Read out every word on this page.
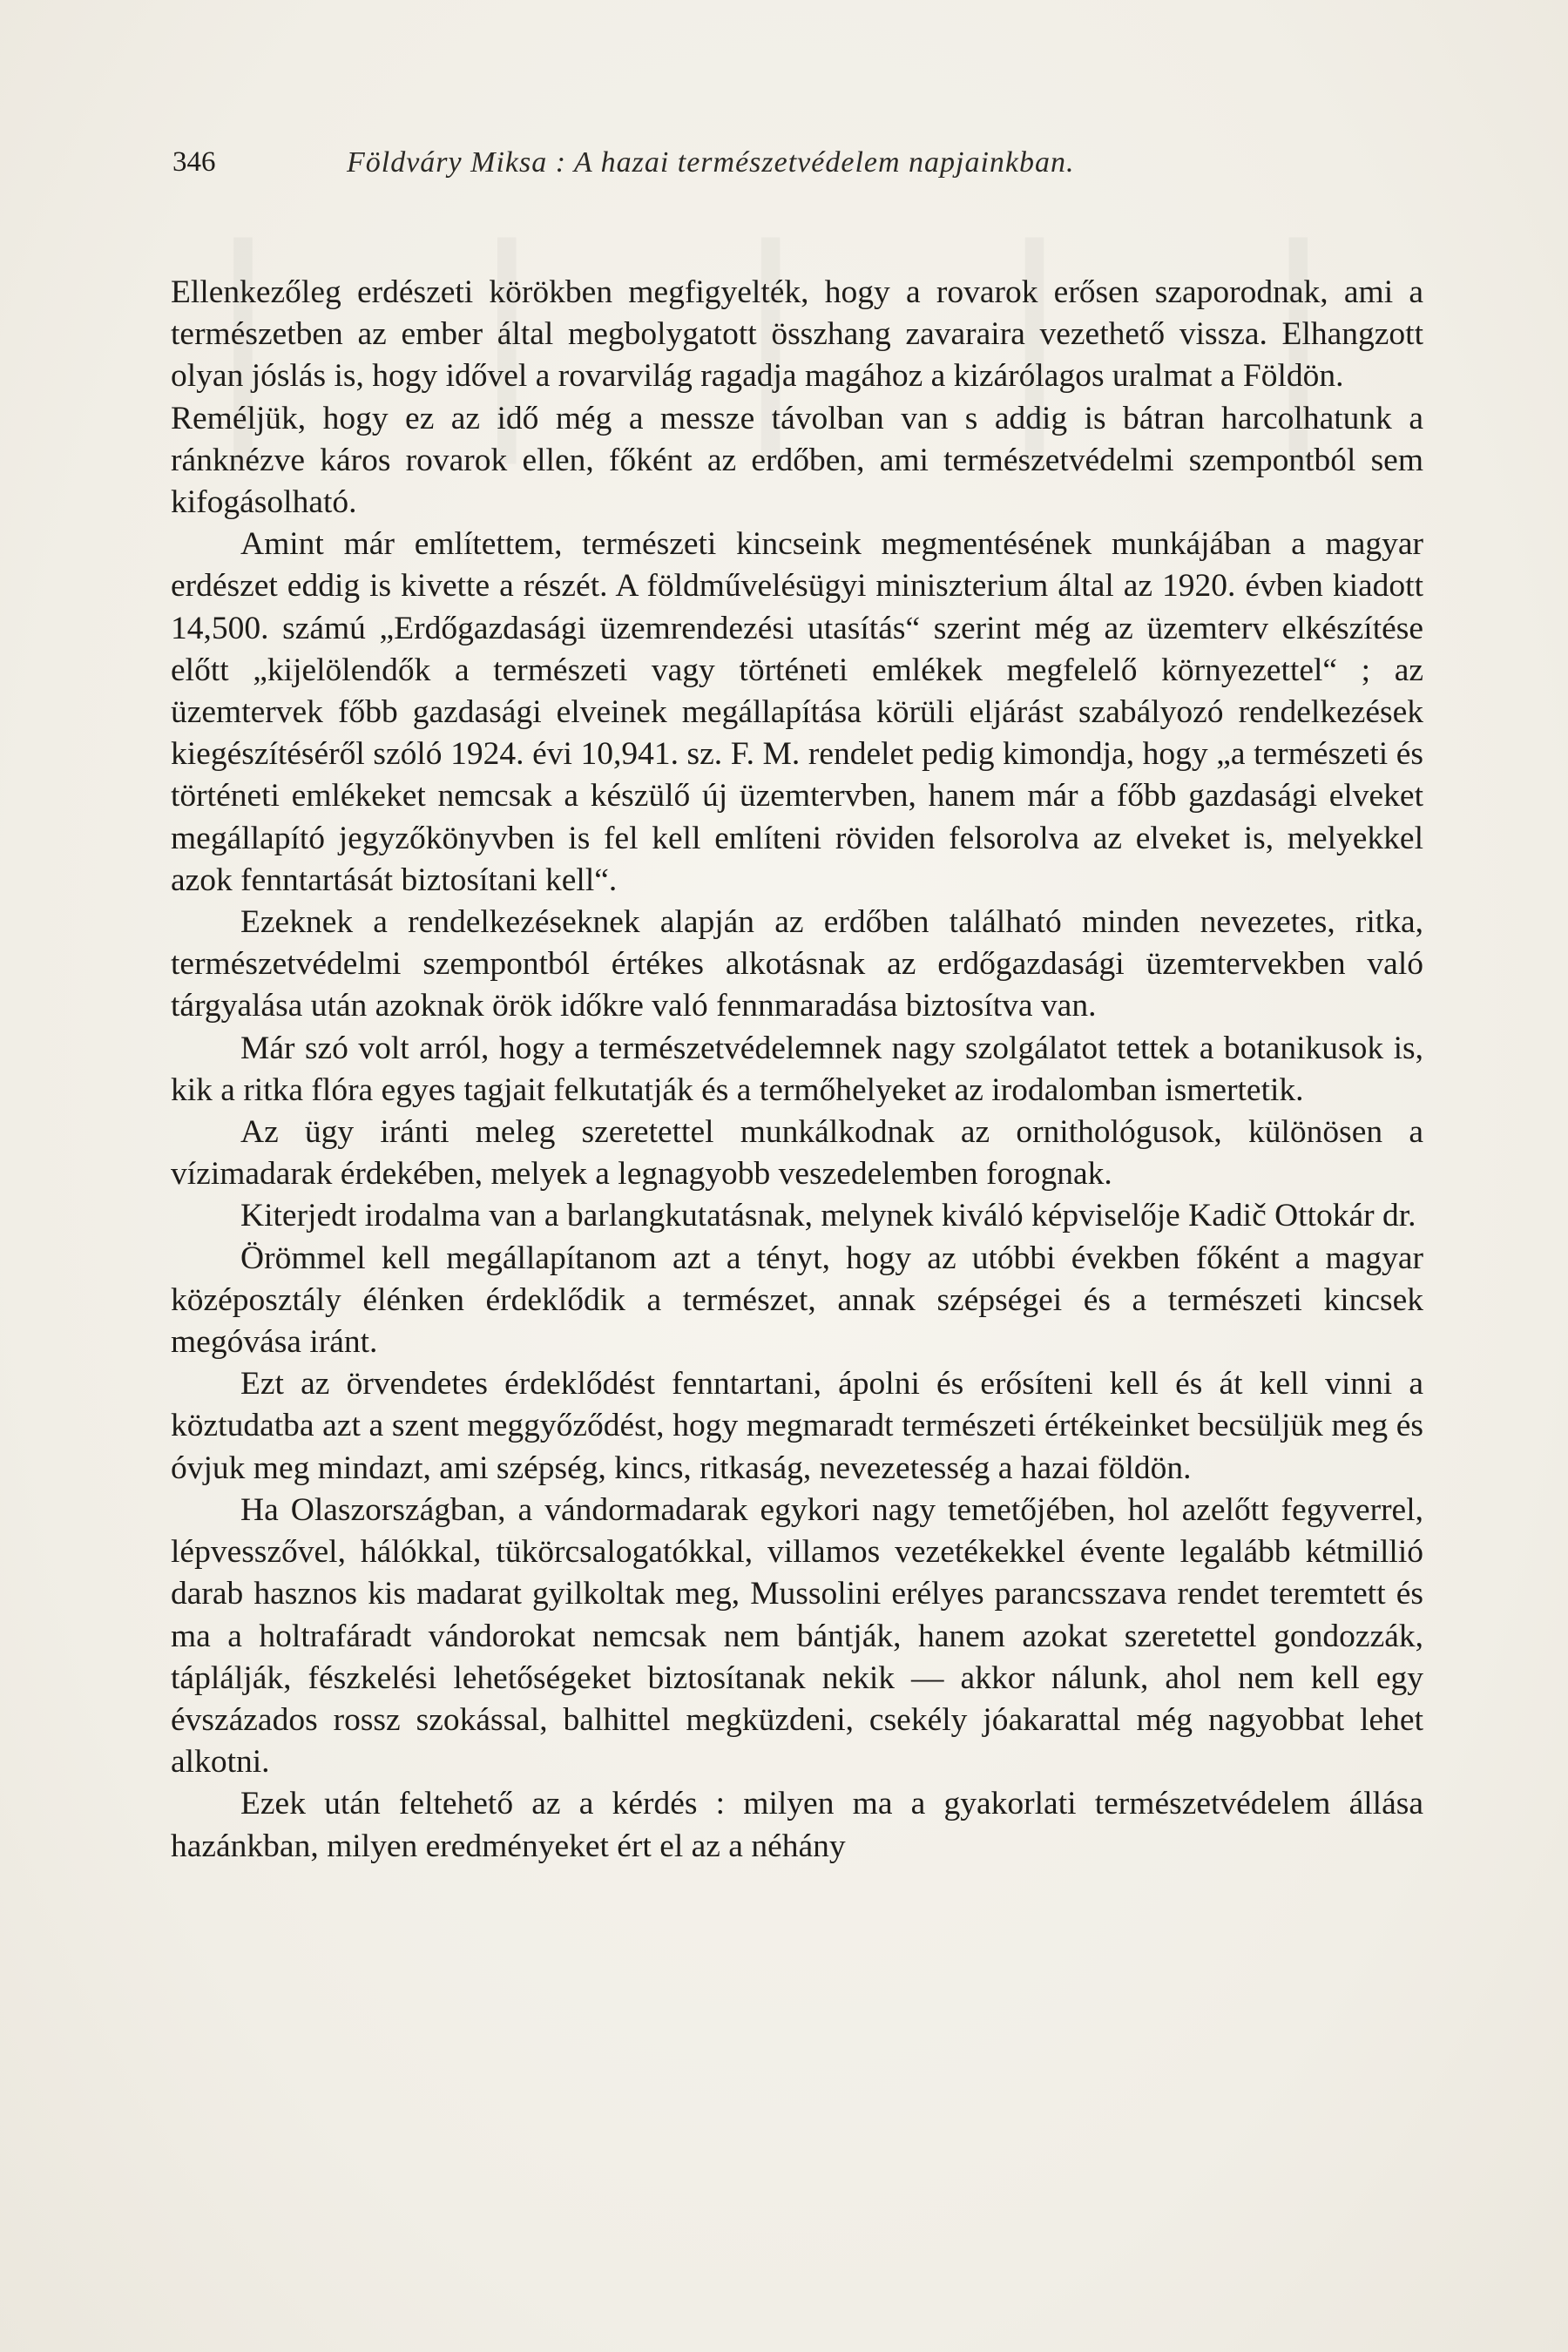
346	Földváry Miksa : A hazai természetvédelem napjainkban.

Ellenkezőleg erdészeti körökben megfigyelték, hogy a rovarok erősen szaporodnak, ami a természetben az ember által megbolygatott összhang zavaraira vezethető vissza. Elhangzott olyan jóslás is, hogy idővel a rovarvilág ragadja magához a kizárólagos uralmat a Földön.

Reméljük, hogy ez az idő még a messze távolban van s addig is bátran harcolhatunk a ránknézve káros rovarok ellen, főként az erdőben, ami természetvédelmi szempontból sem kifogásolható.

Amint már említettem, természeti kincseink megmentésének munkájában a magyar erdészet eddig is kivette a részét. A földművelésügyi miniszterium által az 1920. évben kiadott 14,500. számú „Erdőgazdasági üzemrendezési utasítás“ szerint még az üzemterv elkészítése előtt „kijelölendők a természeti vagy történeti emlékek megfelelő környezettel“ ; az üzemtervek főbb gazdasági elveinek megállapítása körüli eljárást szabályozó rendelkezések kiegészítéséről szóló 1924. évi 10,941. sz. F. M. rendelet pedig kimondja, hogy „a természeti és történeti emlékeket nemcsak a készülő új üzemtervben, hanem már a főbb gazdasági elveket megállapító jegyzőkönyvben is fel kell említeni röviden felsorolva az elveket is, melyekkel azok fenntartását biztosítani kell“.

Ezeknek a rendelkezéseknek alapján az erdőben található minden nevezetes, ritka, természetvédelmi szempontból értékes alkotásnak az erdőgazdasági üzemtervekben való tárgyalása után azoknak örök időkre való fennmaradása biztosítva van.

Már szó volt arról, hogy a természetvédelemnek nagy szolgálatot tettek a botanikusok is, kik a ritka flóra egyes tagjait felkutatják és a termőhelyeket az irodalomban ismertetik.

Az ügy iránti meleg szeretettel munkálkodnak az ornithológusok, különösen a vízimadarak érdekében, melyek a legnagyobb veszedelemben forognak.

Kiterjedt irodalma van a barlangkutatásnak, melynek kiváló képviselője Kadič Ottokár dr.

Örömmel kell megállapítanom azt a tényt, hogy az utóbbi években főként a magyar középosztály élénken érdeklődik a természet, annak szépségei és a természeti kincsek megóvása iránt.

Ezt az örvendetes érdeklődést fenntartani, ápolni és erősíteni kell és át kell vinni a köztudatba azt a szent meggyőződést, hogy megmaradt természeti értékeinket becsüljük meg és óvjuk meg mindazt, ami szépség, kincs, ritkaság, nevezetesség a hazai földön.

Ha Olaszországban, a vándormadarak egykori nagy temetőjében, hol azelőtt fegyverrel, lépvesszővel, hálókkal, tükörcsalogatókkal, villamos vezetékekkel évente legalább kétmillió darab hasznos kis madarat gyilkoltak meg, Mussolini erélyes parancsszava rendet teremtett és ma a holtrafáradt vándorokat nemcsak nem bántják, hanem azokat szeretettel gondozzák, táplálják, fészkelési lehetőségeket biztosítanak nekik — akkor nálunk, ahol nem kell egy évszázados rossz szokással, balhittel megküzdeni, csekély jóakarattal még nagyobbat lehet alkotni.

Ezek után feltehető az a kérdés : milyen ma a gyakorlati természetvédelem állása hazánkban, milyen eredményeket ért el az a néhány
